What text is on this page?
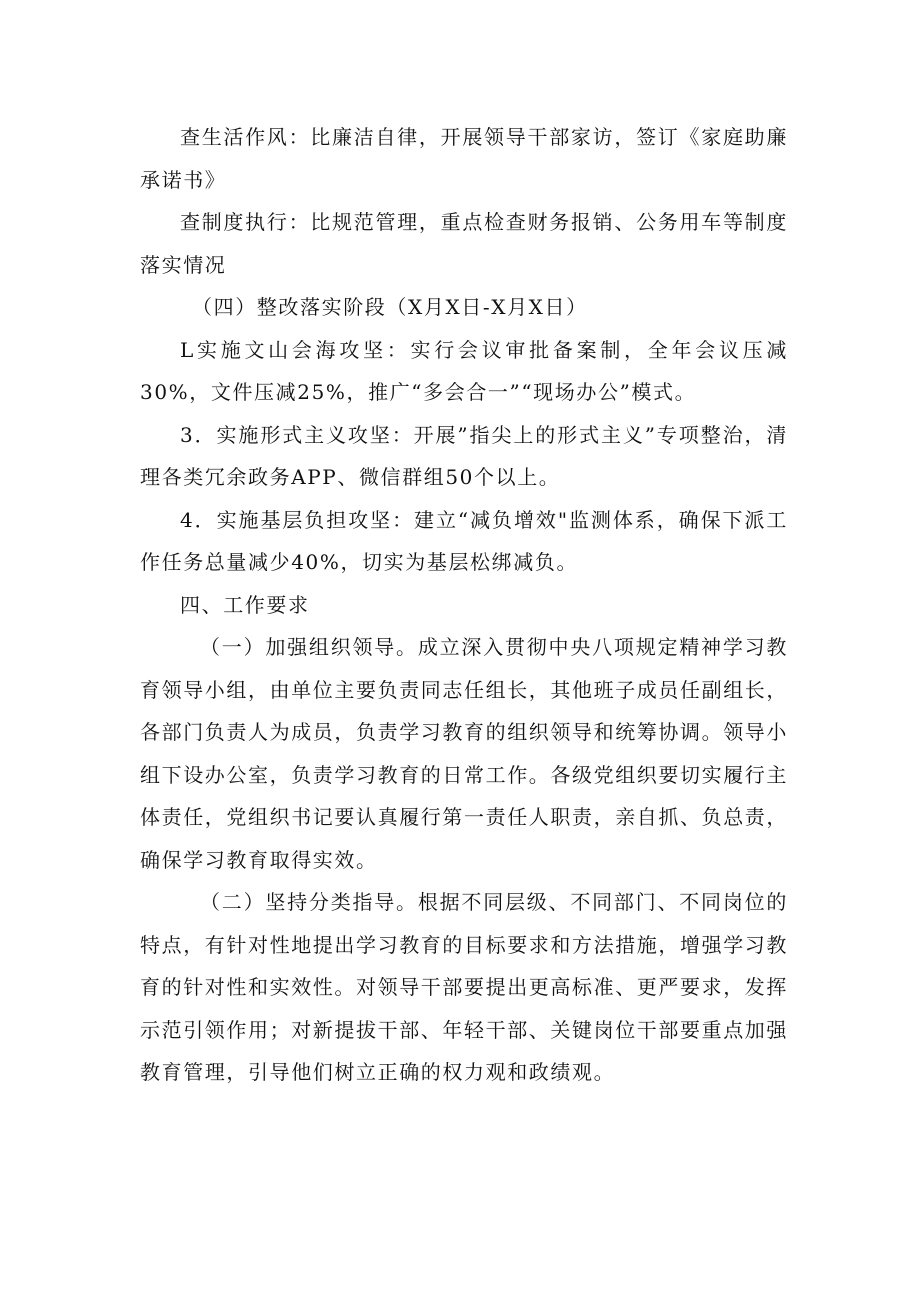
查生活作风：比廉洁自律，开展领导干部家访，签订《家庭助廉承诺书》

查制度执行：比规范管理，重点检查财务报销、公务用车等制度落实情况

（四）整改落实阶段（X月X日-X月X日）

L实施文山会海攻坚：实行会议审批备案制，全年会议压减30%，文件压减25%，推广“多会合一”“现场办公”模式。

3．实施形式主义攻坚：开展”指尖上的形式主义”专项整治，清理各类冗余政务APP、微信群组50个以上。

4．实施基层负担攻坚：建立“减负增效"监测体系，确保下派工作任务总量减少40%，切实为基层松绑减负。

四、工作要求

（一）加强组织领导。成立深入贯彻中央八项规定精神学习教育领导小组，由单位主要负责同志任组长，其他班子成员任副组长，各部门负责人为成员，负责学习教育的组织领导和统筹协调。领导小组下设办公室，负责学习教育的日常工作。各级党组织要切实履行主体责任，党组织书记要认真履行第一责任人职责，亲自抓、负总责，确保学习教育取得实效。

（二）坚持分类指导。根据不同层级、不同部门、不同岗位的特点，有针对性地提出学习教育的目标要求和方法措施，增强学习教育的针对性和实效性。对领导干部要提出更高标准、更严要求，发挥示范引领作用；对新提拔干部、年轻干部、关键岗位干部要重点加强教育管理，引导他们树立正确的权力观和政绩观。
